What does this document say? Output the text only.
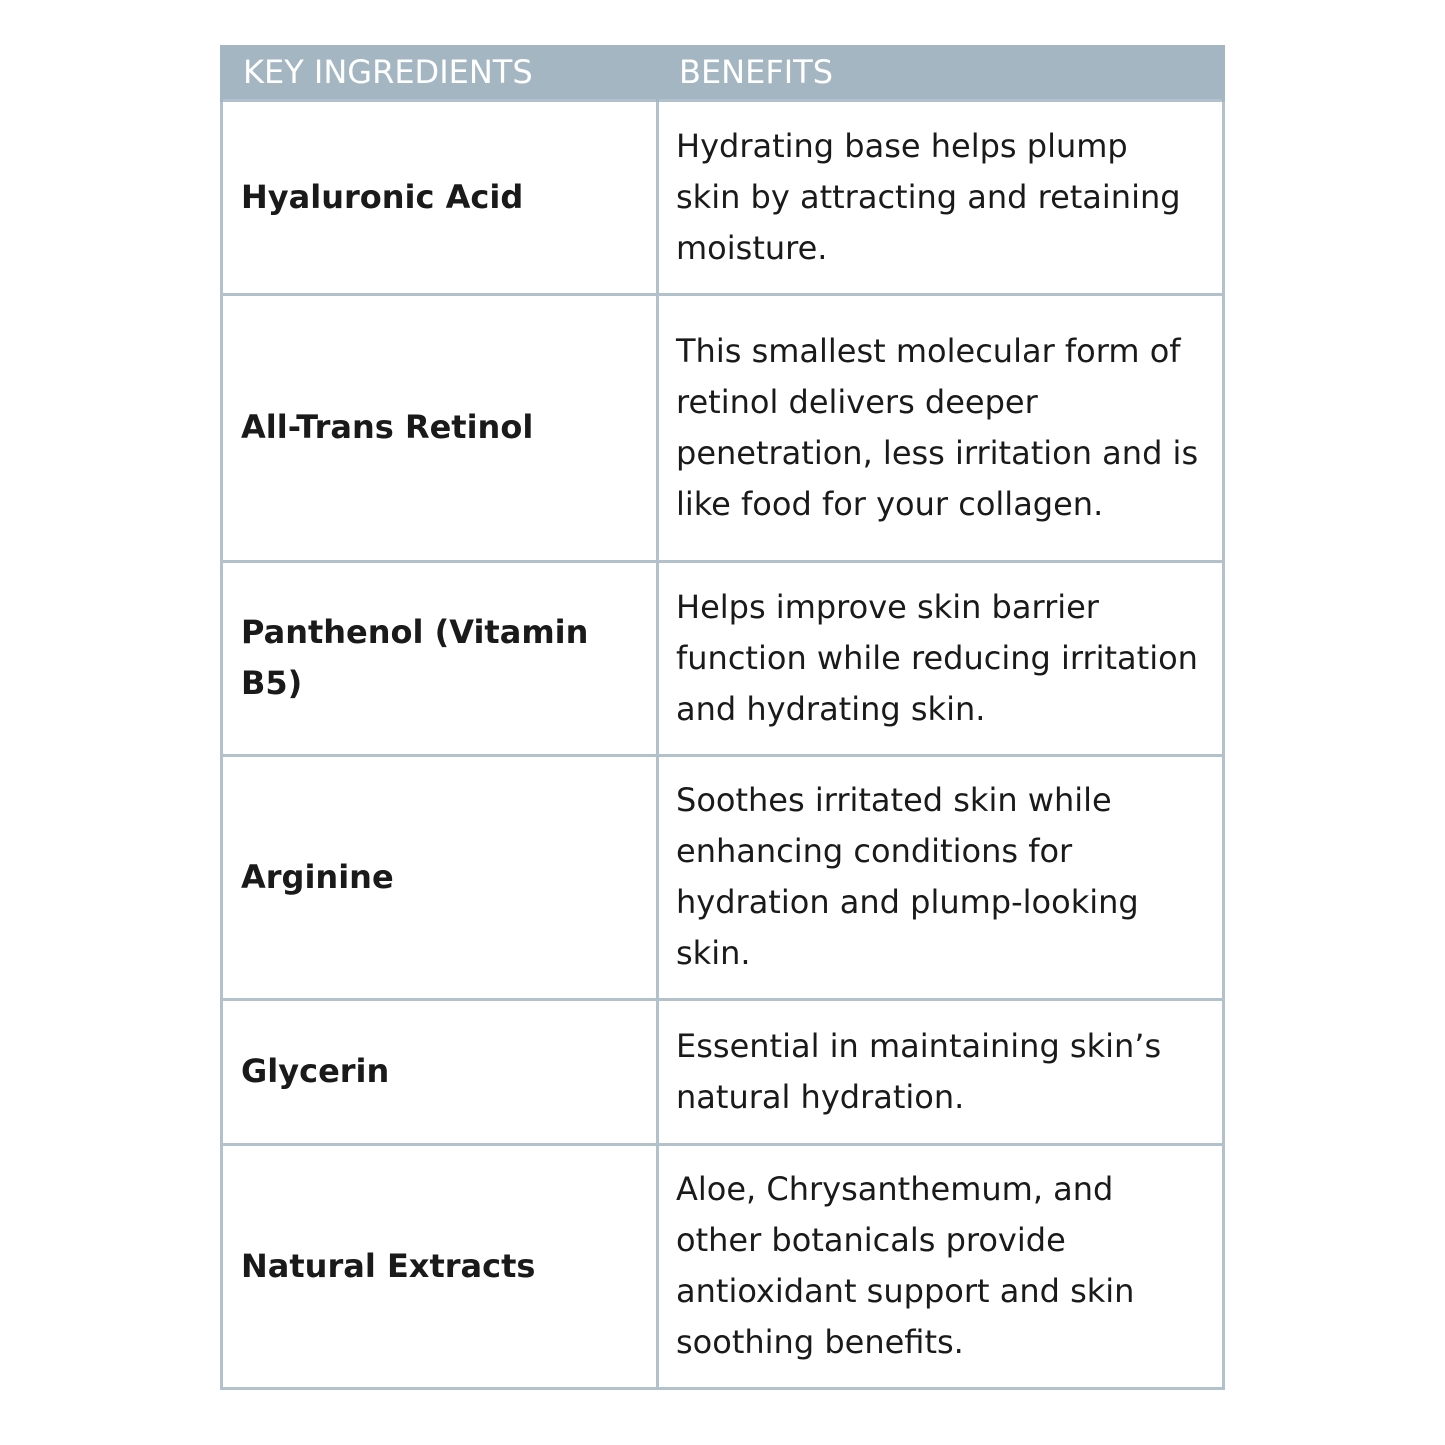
KEY INGREDIENTS	BENEFITS
Hyaluronic Acid	Hydrating base helps plump skin by attracting and retaining moisture.
All-Trans Retinol	This smallest molecular form of retinol delivers deeper penetration, less irritation and is like food for your collagen.
Panthenol (Vitamin B5)	Helps improve skin barrier function while reducing irritation and hydrating skin.
Arginine	Soothes irritated skin while enhancing conditions for hydration and plump-looking skin.
Glycerin	Essential in maintaining skin’s natural hydration.
Natural Extracts	Aloe, Chrysanthemum, and other botanicals provide antioxidant support and skin soothing benefits.
